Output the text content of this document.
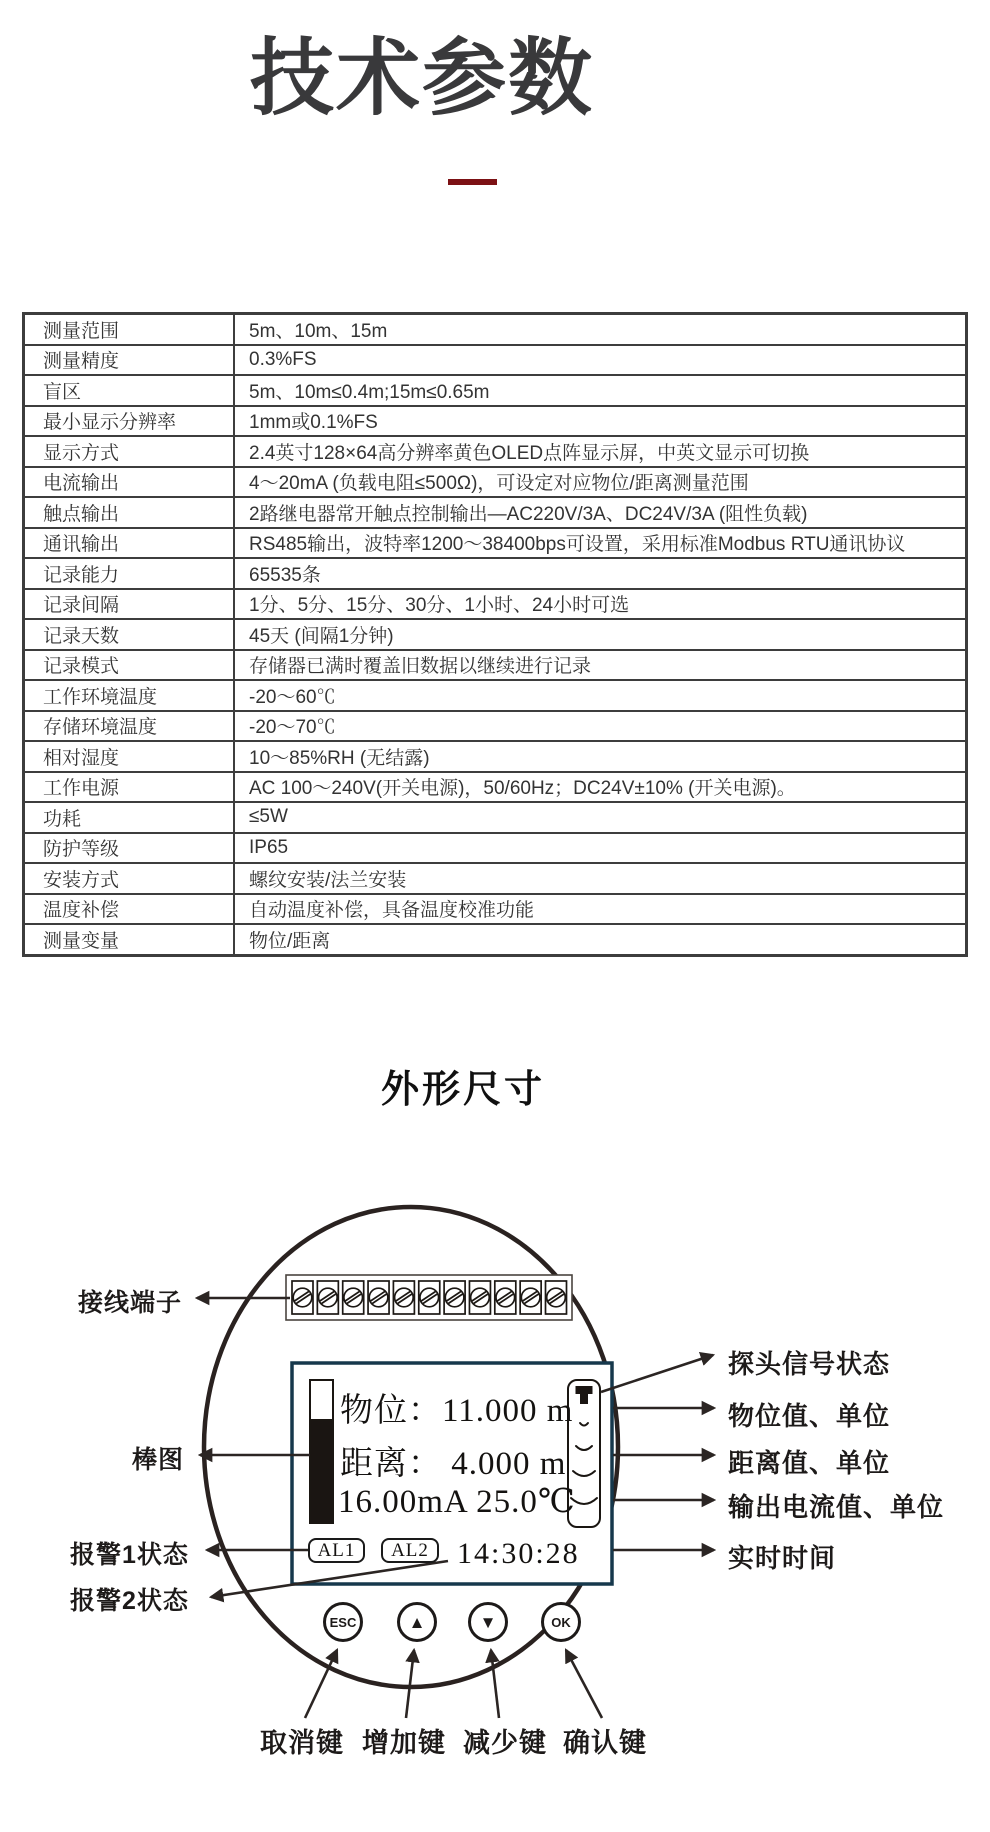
技术参数
测量范围	5m、10m、15m
测量精度	0.3%FS
盲区	5m、10m≤0.4m;15m≤0.65m
最小显示分辨率	1mm或0.1%FS
显示方式	2.4英寸128×64高分辨率黄色OLED点阵显示屏，中英文显示可切换
电流输出	4～20mA (负载电阻≤500Ω)，可设定对应物位/距离测量范围
触点输出	2路继电器常开触点控制输出—AC220V/3A、DC24V/3A (阻性负载)
通讯输出	RS485输出，波特率1200～38400bps可设置，采用标准Modbus RTU通讯协议
记录能力	65535条
记录间隔	1分、5分、15分、30分、1小时、24小时可选
记录天数	45天 (间隔1分钟)
记录模式	存储器已满时覆盖旧数据以继续进行记录
工作环境温度	-20～60℃
存储环境温度	-20～70℃
相对湿度	10～85%RH (无结露)
工作电源	AC 100～240V(开关电源)，50/60Hz；DC24V±10% (开关电源)。
功耗	≤5W
防护等级	IP65
安装方式	螺纹安装/法兰安装
温度补偿	自动温度补偿，具备温度校准功能
测量变量	物位/距离
外形尺寸
物位：11.000 m
距离： 4.000 m
16.00mA 25.0℃
AL1	AL2 14:30:28
接线端子
棒图
报警1状态
报警2状态
探头信号状态
物位值、单位
距离值、单位
输出电流值、单位
实时时间
取消键 增加键 减少键 确认键
ESC	▲	▼	OK
